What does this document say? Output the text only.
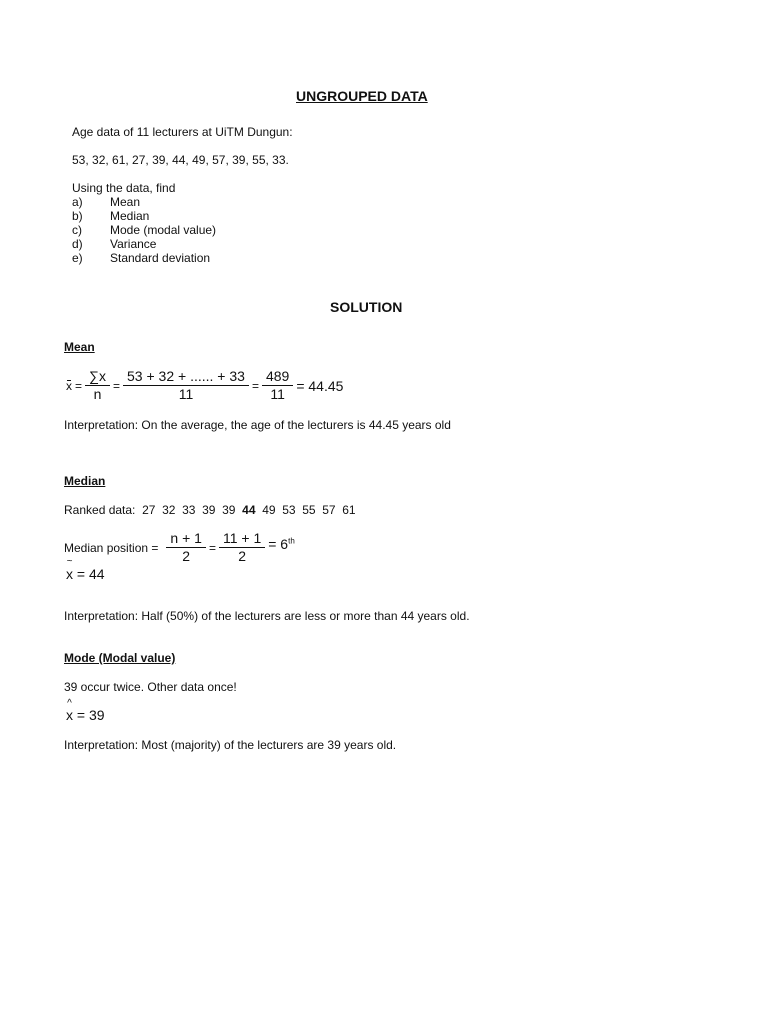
UNGROUPED DATA
Age data of 11 lecturers at UiTM Dungun:
53, 32, 61, 27, 39, 44, 49, 57, 39, 55, 33.
Using the data, find
a) Mean
b) Median
c) Mode (modal value)
d) Variance
e) Standard deviation
SOLUTION
Mean
$x = \frac{\sum x}{n} = \frac{53 + 32 + ...... + 33}{11} = \frac{489}{11} = 44.45$
Interpretation: On the average, the age of the lecturers is 44.45 years old
Median
Ranked data: 27  32  33  39  39 44 49  53  55  57  61
Median position = $\frac{n + 1}{2} = \frac{11 + 1}{2} = 6th$
~ x = 44
Interpretation: Half (50%) of the lecturers are less or more than 44 years old.
Mode (Modal value)
39 occur twice. Other data once!
^ x = 39
Interpretation: Most (majority) of the lecturers are 39 years old.
